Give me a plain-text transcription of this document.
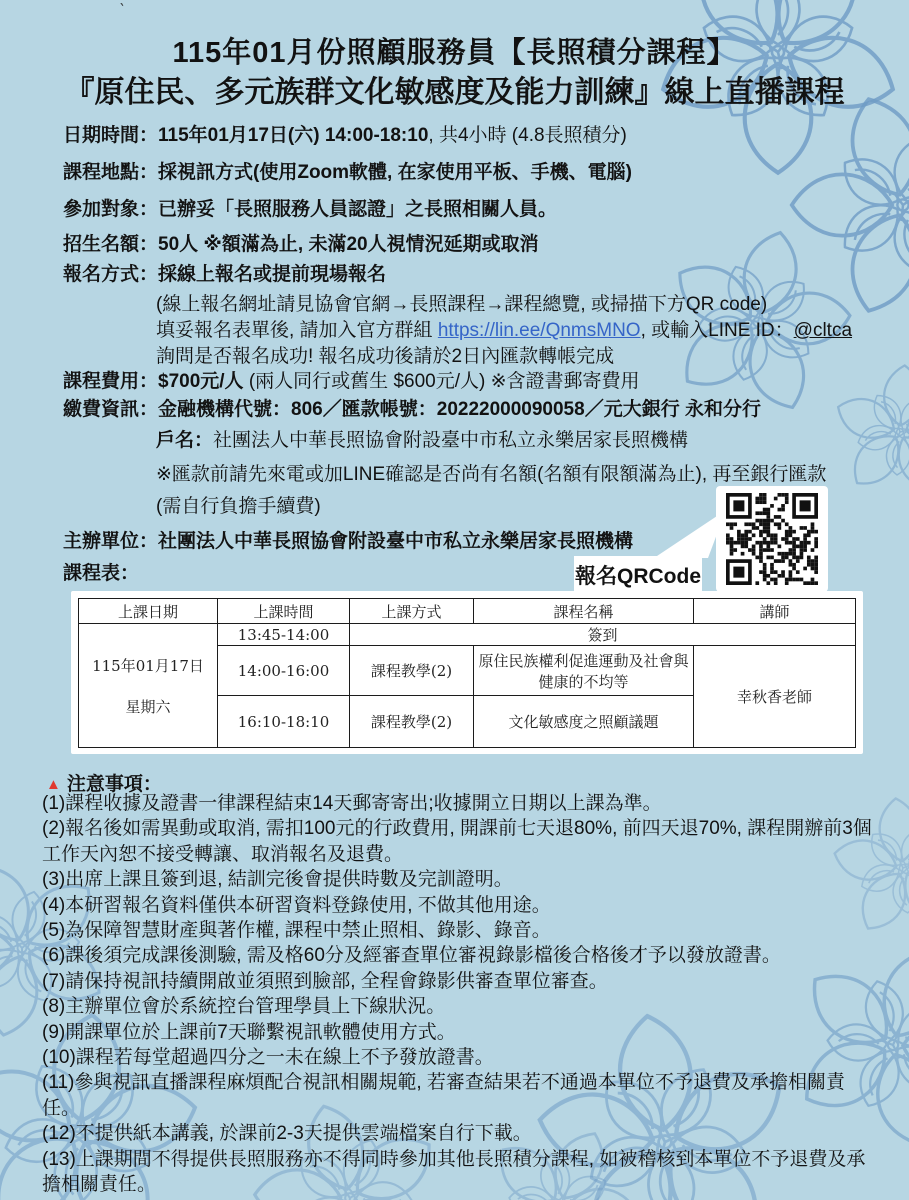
`
115年01月份照顧服務員【長照積分課程】
『原住民、多元族群文化敏感度及能力訓練』線上直播課程
日期時間：115年01月17日(六) 14:00-18:10, 共4小時 (4.8長照積分)
課程地點：採視訊方式(使用Zoom軟體, 在家使用平板、手機、電腦)
參加對象：已辦妥「長照服務人員認證」之長照相關人員。
招生名額：50人 ※額滿為止, 未滿20人視情況延期或取消
報名方式：採線上報名或提前現場報名
(線上報名網址請見協會官網→長照課程→課程總覽, 或掃描下方QR code)
填妥報名表單後, 請加入官方群組 https://lin.ee/QnmsMNO, 或輸入LINE ID：@cltca
詢問是否報名成功! 報名成功後請於2日內匯款轉帳完成
課程費用：$700元/人 (兩人同行或舊生 $600元/人) ※含證書郵寄費用
繳費資訊：金融機構代號：806／匯款帳號：20222000090058／元大銀行 永和分行
戶名：社團法人中華長照協會附設臺中市私立永樂居家長照機構
※匯款前請先來電或加LINE確認是否尚有名額(名額有限額滿為止), 再至銀行匯款
(需自行負擔手續費)
主辦單位：社團法人中華長照協會附設臺中市私立永樂居家長照機構
課程表：	報名QRCode
上課日期	上課時間	上課方式	課程名稱	講師

115年01月17日
星期六	13:45-14:00	簽到		
	14:00-16:00	課程教學(2)	原住民族權利促進運動及社會與健康的不均等	幸秋香老師
	16:10-18:10	課程教學(2)	文化敏感度之照顧議題	
▲ 注意事項：
(1)課程收據及證書一律課程結束14天郵寄寄出;收據開立日期以上課為準。
(2)報名後如需異動或取消, 需扣100元的行政費用, 開課前七天退80%, 前四天退70%, 課程開辦前3個工作天內恕不接受轉讓、取消報名及退費。
(3)出席上課且簽到退, 結訓完後會提供時數及完訓證明。
(4)本研習報名資料僅供本研習資料登錄使用, 不做其他用途。
(5)為保障智慧財產與著作權, 課程中禁止照相、錄影、錄音。
(6)課後須完成課後測驗, 需及格60分及經審查單位審視錄影檔後合格後才予以發放證書。
(7)請保持視訊持續開啟並須照到臉部, 全程會錄影供審查單位審查。
(8)主辦單位會於系統控台管理學員上下線狀況。
(9)開課單位於上課前7天聯繫視訊軟體使用方式。
(10)課程若每堂超過四分之一未在線上不予發放證書。
(11)參與視訊直播課程麻煩配合視訊相關規範, 若審查結果若不通過本單位不予退費及承擔相關責任。
(12)不提供紙本講義, 於課前2-3天提供雲端檔案自行下載。
(13)上課期間不得提供長照服務亦不得同時參加其他長照積分課程, 如被稽核到本單位不予退費及承擔相關責任。
